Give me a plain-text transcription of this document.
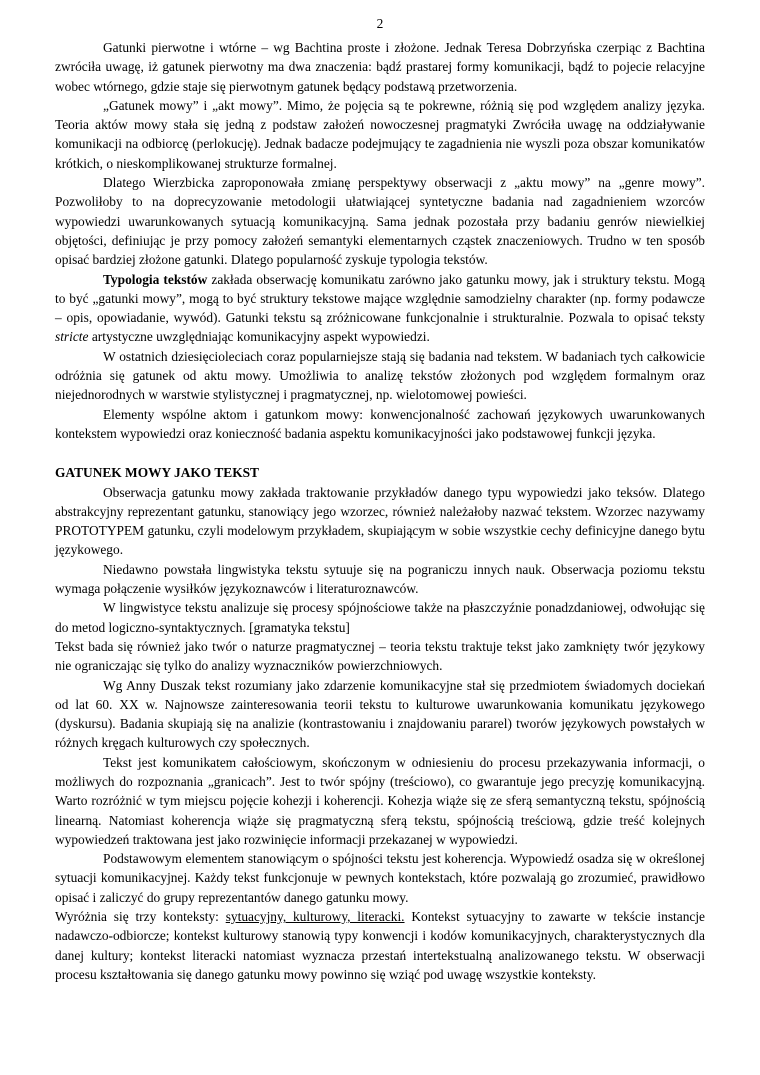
2

Gatunki pierwotne i wtórne – wg Bachtina proste i złożone. Jednak Teresa Dobrzyńska czerpiąc z Bachtina zwróciła uwagę, iż gatunek pierwotny ma dwa znaczenia: bądź prastarej formy komunikacji, bądź to pojecie relacyjne wobec wtórnego, gdzie staje się pierwotnym gatunek będący podstawą przetworzenia.

„Gatunek mowy” i „akt mowy”. Mimo, że pojęcia są te pokrewne, różnią się pod względem analizy języka. Teoria aktów mowy stała się jedną z podstaw założeń nowoczesnej pragmatyki Zwróciła uwagę na oddziaływanie komunikacji na odbiorcę (perlokucję). Jednak badacze podejmujący te zagadnienia nie wyszli poza obszar komunikatów krótkich, o nieskomplikowanej strukturze formalnej.

Dlatego Wierzbicka zaproponowała zmianę perspektywy obserwacji z „aktu mowy” na „genre mowy”. Pozwoliłoby to na doprecyzowanie metodologii ułatwiającej syntetyczne badania nad zagadnieniem wzorców wypowiedzi uwarunkowanych sytuacją komunikacyjną. Sama jednak pozostała przy badaniu genrów niewielkiej objętości, definiując je przy pomocy założeń semantyki elementarnych cząstek znaczeniowych. Trudno w ten sposób opisać bardziej złożone gatunki. Dlatego popularność zyskuje typologia tekstów.

Typologia tekstów zakłada obserwację komunikatu zarówno jako gatunku mowy, jak i struktury tekstu. Mogą to być „gatunki mowy”, mogą to być struktury tekstowe mające względnie samodzielny charakter (np. formy podawcze – opis, opowiadanie, wywód). Gatunki tekstu są zróżnicowane funkcjonalnie i strukturalnie. Pozwala to opisać teksty stricte artystyczne uwzględniając komunikacyjny aspekt wypowiedzi.

W ostatnich dziesięcioleciach coraz popularniejsze stają się badania nad tekstem. W badaniach tych całkowicie odróżnia się gatunek od aktu mowy. Umożliwia to analizę tekstów złożonych pod względem formalnym oraz niejednorodnych w warstwie stylistycznej i pragmatycznej, np. wielotomowej powieści.

Elementy wspólne aktom i gatunkom mowy: konwencjonalność zachowań językowych uwarunkowanych kontekstem wypowiedzi oraz konieczność badania aspektu komunikacyjności jako podstawowej funkcji języka.

GATUNEK MOWY JAKO TEKST

Obserwacja gatunku mowy zakłada traktowanie przykładów danego typu wypowiedzi jako teksów. Dlatego abstrakcyjny reprezentant gatunku, stanowiący jego wzorzec, również należałoby nazwać tekstem. Wzorzec nazywamy PROTOTYPEM gatunku, czyli modelowym przykładem, skupiającym w sobie wszystkie cechy definicyjne danego bytu językowego.

Niedawno powstała lingwistyka tekstu sytuuje się na pograniczu innych nauk. Obserwacja poziomu tekstu wymaga połączenie wysiłków językoznawców i literaturoznawców.

W lingwistyce tekstu analizuje się procesy spójnościowe także na płaszczyźnie ponadzdaniowej, odwołując się do metod logiczno-syntaktycznych. [gramatyka tekstu]

Tekst bada się również jako twór o naturze pragmatycznej – teoria tekstu traktuje tekst jako zamknięty twór językowy nie ograniczając się tylko do analizy wyznaczników powierzchniowych.

Wg Anny Duszak tekst rozumiany jako zdarzenie komunikacyjne stał się przedmiotem świadomych dociekań od lat 60. XX w. Najnowsze zainteresowania teorii tekstu to kulturowe uwarunkowania komunikatu językowego (dyskursu). Badania skupiają się na analizie (kontrastowaniu i znajdowaniu pararel) tworów językowych powstałych w różnych kręgach kulturowych czy społecznych.

Tekst jest komunikatem całościowym, skończonym w odniesieniu do procesu przekazywania informacji, o możliwych do rozpoznania „granicach”. Jest to twór spójny (treściowo), co gwarantuje jego precyzję komunikacyjną. Warto rozróżnić w tym miejscu pojęcie kohezji i koherencji. Kohezja wiąże się ze sferą semantyczną tekstu, spójnością linearną. Natomiast koherencja wiąże się pragmatyczną sferą tekstu, spójnością treściową, gdzie treść kolejnych wypowiedzeń traktowana jest jako rozwinięcie informacji przekazanej w wypowiedzi.

Podstawowym elementem stanowiącym o spójności tekstu jest koherencja. Wypowiedź osadza się w określonej sytuacji komunikacyjnej. Każdy tekst funkcjonuje w pewnych kontekstach, które pozwalają go zrozumieć, prawidłowo opisać i zaliczyć do grupy reprezentantów danego gatunku mowy.

Wyróżnia się trzy konteksty: sytuacyjny, kulturowy, literacki. Kontekst sytuacyjny to zawarte w tekście instancje nadawczo-odbiorcze; kontekst kulturowy stanowią typy konwencji i kodów komunikacyjnych, charakterystycznych dla danej kultury; kontekst literacki natomiast wyznacza przestań intertekstualną analizowanego tekstu. W obserwacji procesu kształtowania się danego gatunku mowy powinno się wziąć pod uwagę wszystkie konteksty.
